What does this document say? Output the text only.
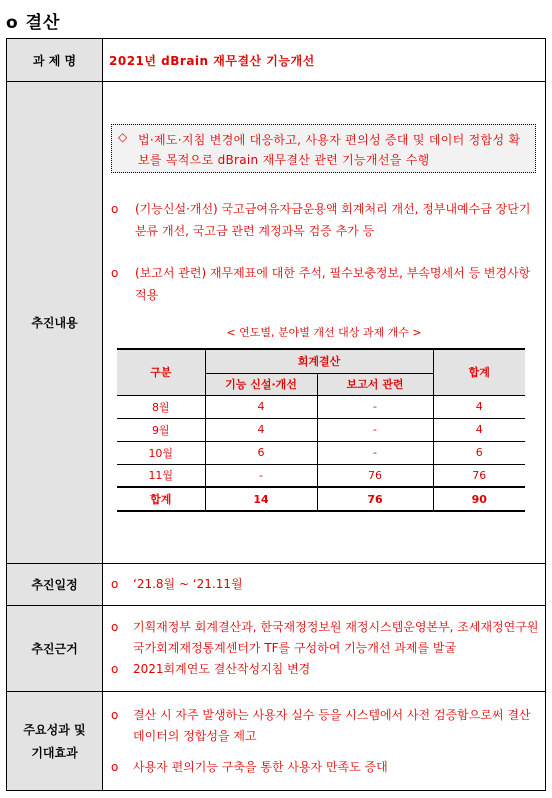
o 결산
과 제 명	2021년 dBrain 재무결산 기능개선
추진내용	
◇ 법·제도·지침 변경에 대응하고, 사용자 편의성 증대 및 데이터 정합성 확보를 목적으로 dBrain 재무결산 관련 기능개선을 수행
o (기능신설·개선) 국고금여유자금운용액 회계처리 개선, 정부내예수금 장단기 분류 개선, 국고금 관련 계정과목 검증 추가 등
o (보고서 관련) 재무제표에 대한 주석, 필수보충정보, 부속명세서 등 변경사항 적용
< 연도별, 분야별 개선 대상 과제 개수 >
구분	회계결산	합계
기능 신설·개선	보고서 관련
8월	4	-	4
9월	4	-	4
10월	6	-	6
11월	-	76	76
합계	14	76	90

추진일정	o ‘21.8월 ~ ‘21.11월

추진근거	
o 기획재정부 회계결산과, 한국재정정보원 재정시스템운영본부, 조세재정연구원 국가회계재정통계센터가 TF를 구성하여 기능개선 과제를 발굴
o 2021회계연도 결산작성지침 변경

주요성과 및
기대효과

o 결산 시 자주 발생하는 사용자 실수 등을 시스템에서 사전 검증함으로써 결산 데이터의 정합성을 제고
o 사용자 편의기능 구축을 통한 사용자 만족도 증대
